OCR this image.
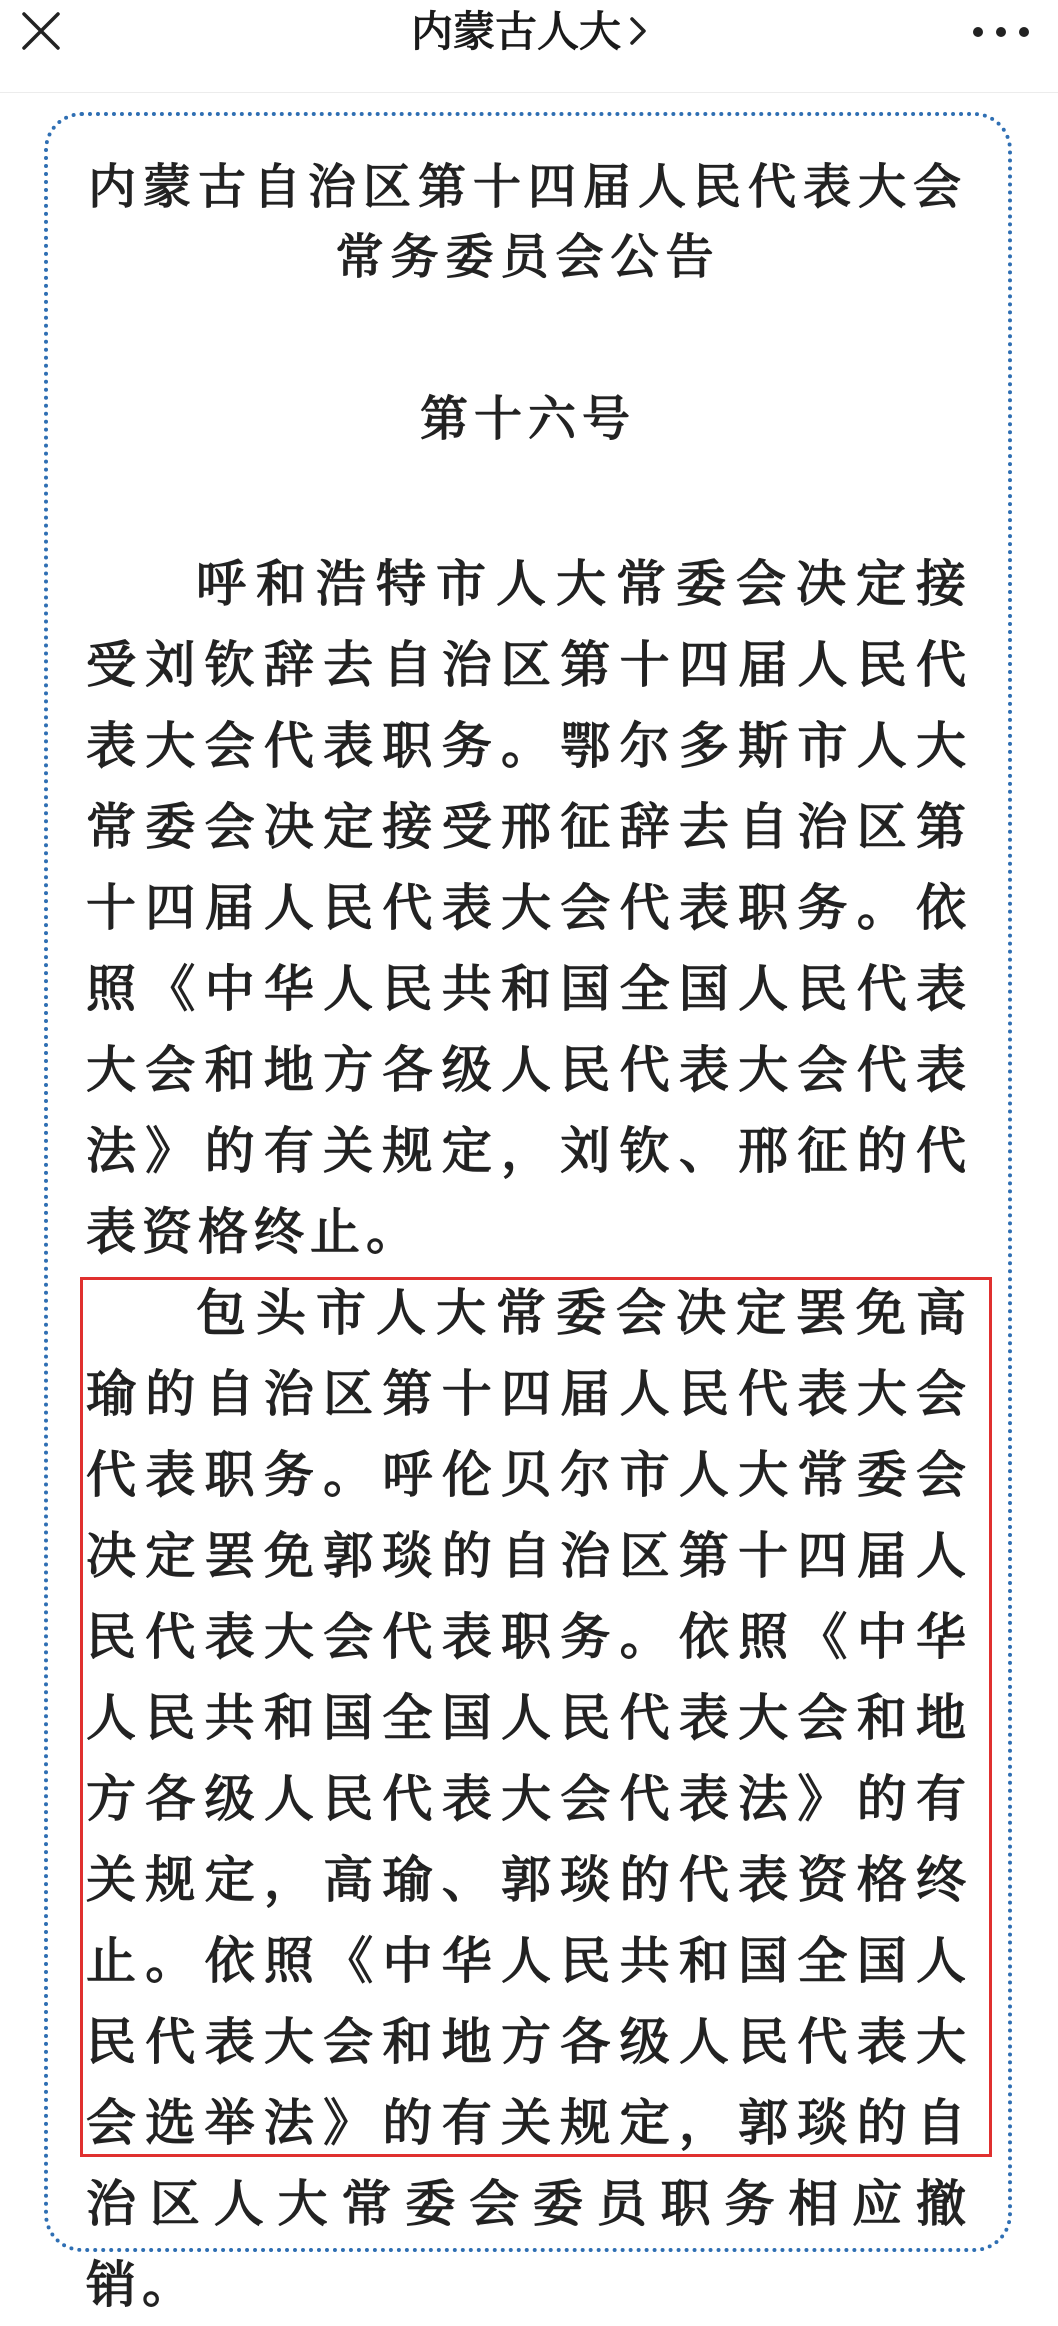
内蒙古人大

内蒙古自治区第十四届人民代表大会

常务委员会公告

第十六号

呼和浩特市人大常委会决定接受刘钦辞去自治区第十四届人民代表大会代表职务。鄂尔多斯市人大常委会决定接受邢征辞去自治区第十四届人民代表大会代表职务。依照《中华人民共和国全国人民代表大会和地方各级人民代表大会代表法》的有关规定，刘钦、邢征的代表资格终止。

包头市人大常委会决定罢免高瑜的自治区第十四届人民代表大会代表职务。呼伦贝尔市人大常委会决定罢免郭琰的自治区第十四届人民代表大会代表职务。依照《中华人民共和国全国人民代表大会和地方各级人民代表大会代表法》的有关规定，高瑜、郭琰的代表资格终止。依照《中华人民共和国全国人民代表大会和地方各级人民代表大会选举法》的有关规定，郭琰的自治区人大常委会委员职务相应撤销。
